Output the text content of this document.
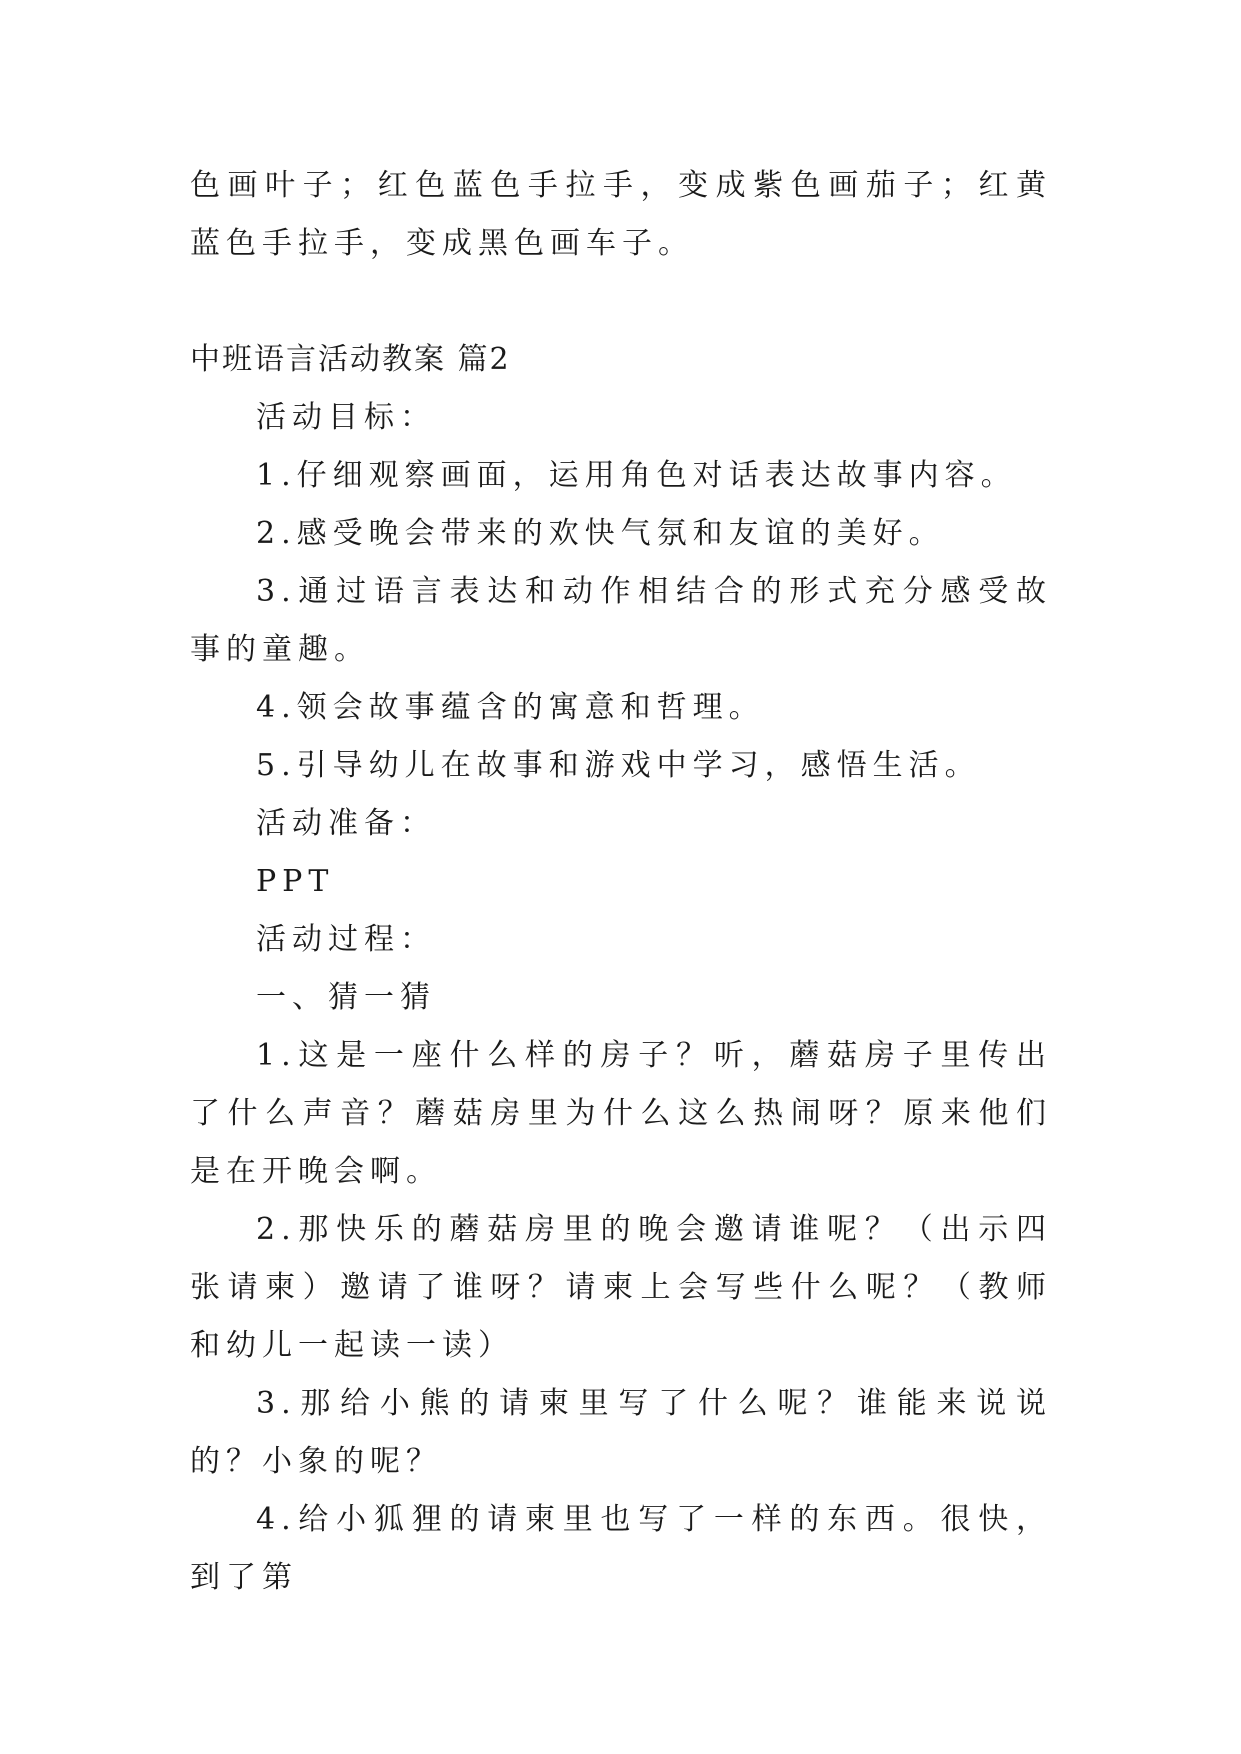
色画叶子；红色蓝色手拉手，变成紫色画茄子；红黄蓝色手拉手，变成黑色画车子。

中班语言活动教案 篇2

活动目标：

1.仔细观察画面，运用角色对话表达故事内容。

2.感受晚会带来的欢快气氛和友谊的美好。

3.通过语言表达和动作相结合的形式充分感受故事的童趣。

4.领会故事蕴含的寓意和哲理。

5.引导幼儿在故事和游戏中学习，感悟生活。

活动准备：

PPT

活动过程：

一、猜一猜

1.这是一座什么样的房子？听，蘑菇房子里传出了什么声音？蘑菇房里为什么这么热闹呀？原来他们是在开晚会啊。

2.那快乐的蘑菇房里的晚会邀请谁呢？（出示四张请柬）邀请了谁呀？请柬上会写些什么呢？（教师和幼儿一起读一读）

3.那给小熊的请柬里写了什么呢？谁能来说说的？小象的呢？

4.给小狐狸的请柬里也写了一样的东西。很快，到了第
